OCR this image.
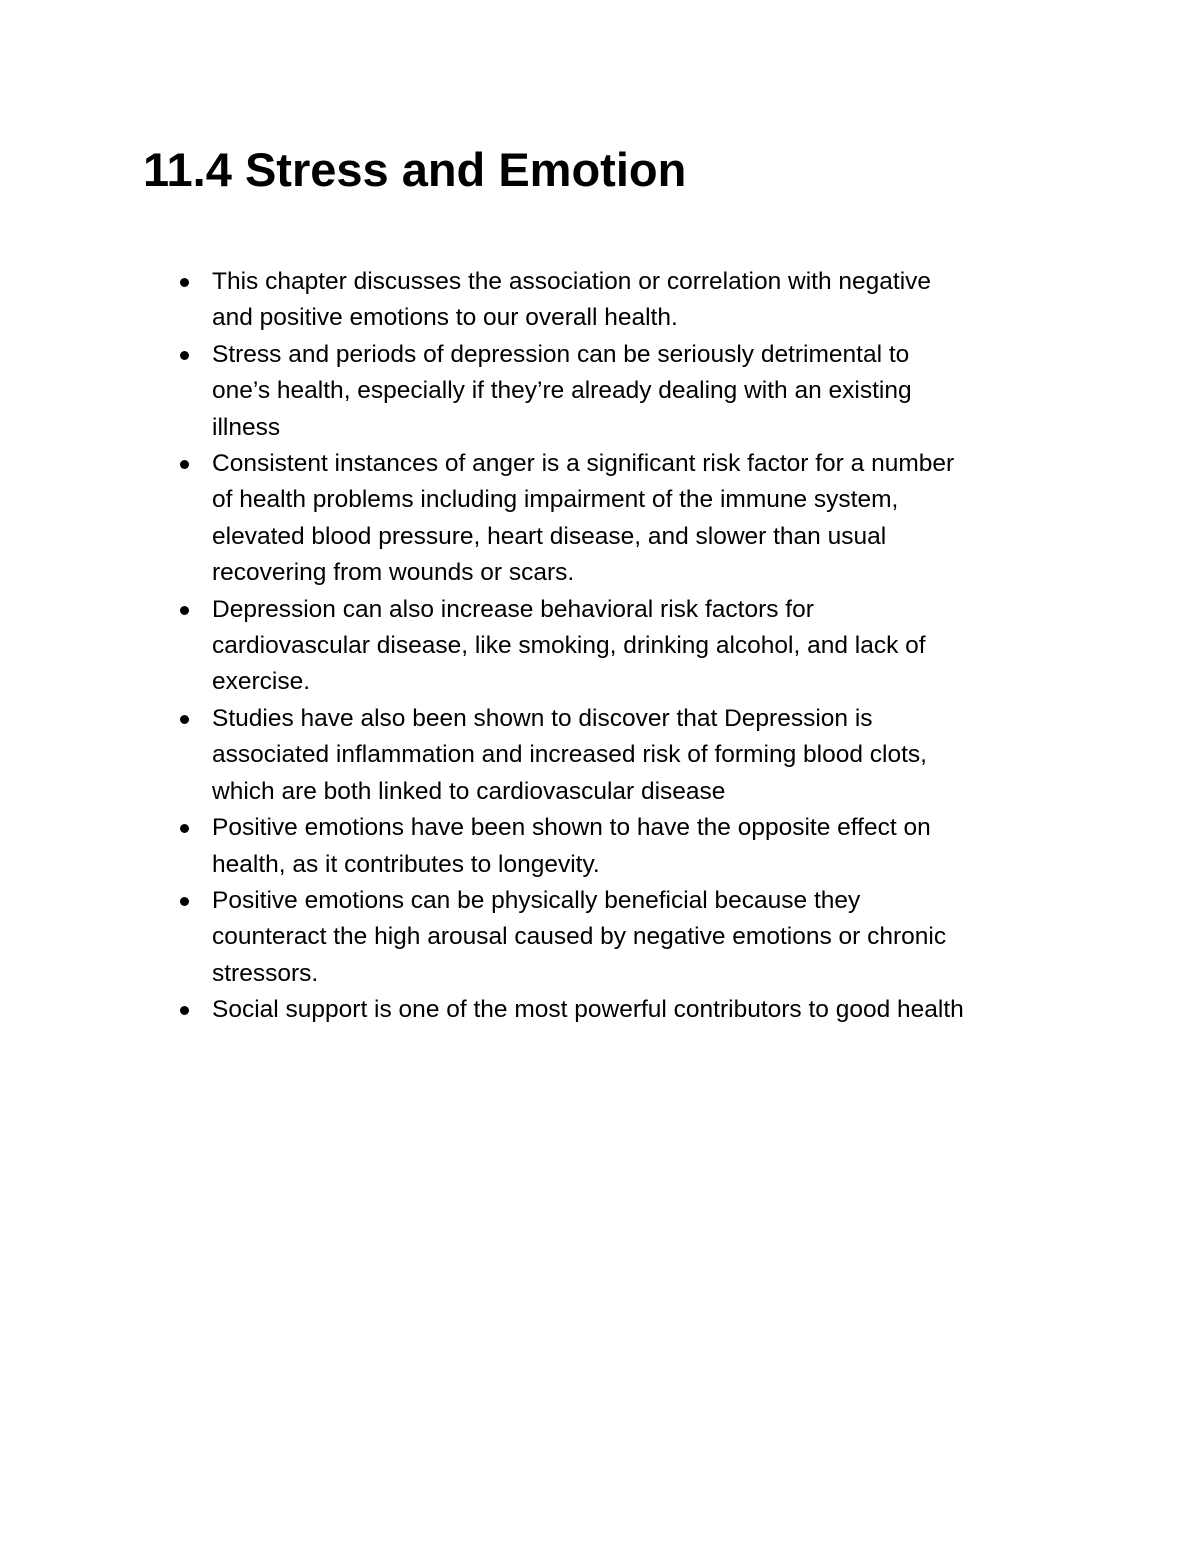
11.4 Stress and Emotion
This chapter discusses the association or correlation with negative
and positive emotions to our overall health.
Stress and periods of depression can be seriously detrimental to
one’s health, especially if they’re already dealing with an existing
illness
Consistent instances of anger is a significant risk factor for a number
of health problems including impairment of the immune system,
elevated blood pressure, heart disease, and slower than usual
recovering from wounds or scars.
Depression can also increase behavioral risk factors for
cardiovascular disease, like smoking, drinking alcohol, and lack of
exercise.
Studies have also been shown to discover that Depression is
associated inflammation and increased risk of forming blood clots,
which are both linked to cardiovascular disease
Positive emotions have been shown to have the opposite effect on
health, as it contributes to longevity.
Positive emotions can be physically beneficial because they
counteract the high arousal caused by negative emotions or chronic
stressors.
Social support is one of the most powerful contributors to good health
